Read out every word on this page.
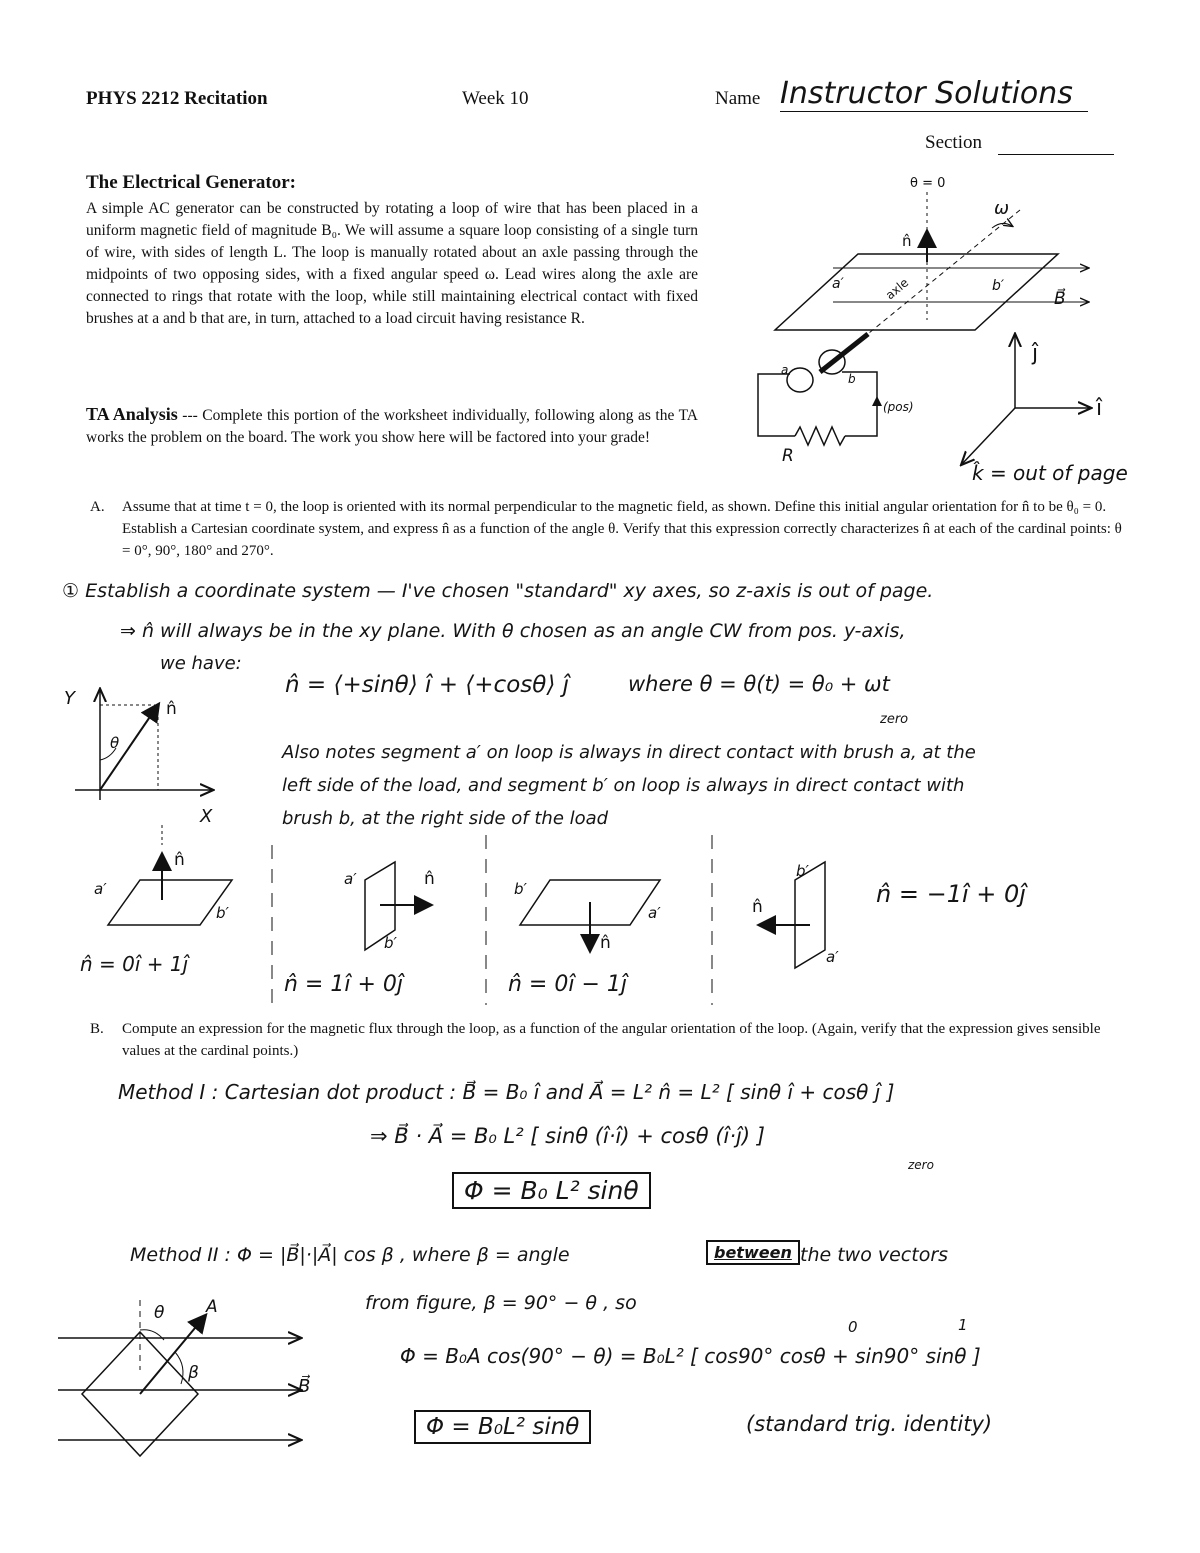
PHYS 2212 Recitation	Week 10	Name Instructor Solutions
Section
The Electrical Generator:
A simple AC generator can be constructed by rotating a loop of wire that has been placed in a uniform magnetic field of magnitude B₀. We will assume a square loop consisting of a single turn of wire, with sides of length L. The loop is manually rotated about an axle passing through the midpoints of two opposing sides, with a fixed angular speed ω. Lead wires along the axle are connected to rings that rotate with the loop, while still maintaining electrical contact with fixed brushes at a and b that are, in turn, attached to a load circuit having resistance R.
TA Analysis --- Complete this portion of the worksheet individually, following along as the TA works the problem on the board. The work you show here will be factored into your grade!
θ = 0
ω
axle
n̂
a′	b′
B⃗
a
b
(pos)
R
ĵ
î
k̂ = out of page
A. Assume that at time t = 0, the loop is oriented with its normal perpendicular to the magnetic field, as shown. Define this initial angular orientation for n̂ to be θ₀ = 0. Establish a Cartesian coordinate system, and express n̂ as a function of the angle θ. Verify that this expression correctly characterizes n̂ at each of the cardinal points: θ = 0°, 90°, 180° and 270°.
① Establish a coordinate system — I've chosen "standard" xy axes, so z-axis is out of page.
⇒ n̂ will always be in the xy plane. With θ chosen as an angle CW from pos. y-axis,
we have:
n̂ = ⟨+sinθ⟩ î + ⟨+cosθ⟩ ĵ	where θ = θ(t) = θ₀ + ωt
zero
Y
X
θ
n̂
Also notes segment a′ on loop is always in direct contact with brush a, at the
left side of the load, and segment b′ on loop is always in direct contact with
brush b, at the right side of the load
n̂
a′
b′
n̂
a′
b′	n̂
b′
a′	n̂
b′
a′
n̂ = 0î + 1ĵ
n̂ = 1î + 0ĵ	n̂ = 0î − 1ĵ
n̂ = −1î + 0ĵ
B. Compute an expression for the magnetic flux through the loop, as a function of the angular orientation of the loop. (Again, verify that the expression gives sensible values at the cardinal points.)
Method I : Cartesian dot product : B⃗ = B₀ î and A⃗ = L² n̂ = L² [ sinθ î + cosθ ĵ ]
⇒ B⃗ · A⃗ = B₀ L² [ sinθ (î·î) + cosθ (î·ĵ) ]
zero
Φ = B₀ L² sinθ
Method II : Φ = |B⃗|·|A⃗| cos β , where β = angle	between the two vectors
from figure, β = 90° − θ , so
Φ = B₀A cos(90° − θ) = B₀L² [ cos90° cosθ + sin90° sinθ ]
0	1
Φ = B₀L² sinθ	(standard trig. identity)
θ A
β
B⃗
